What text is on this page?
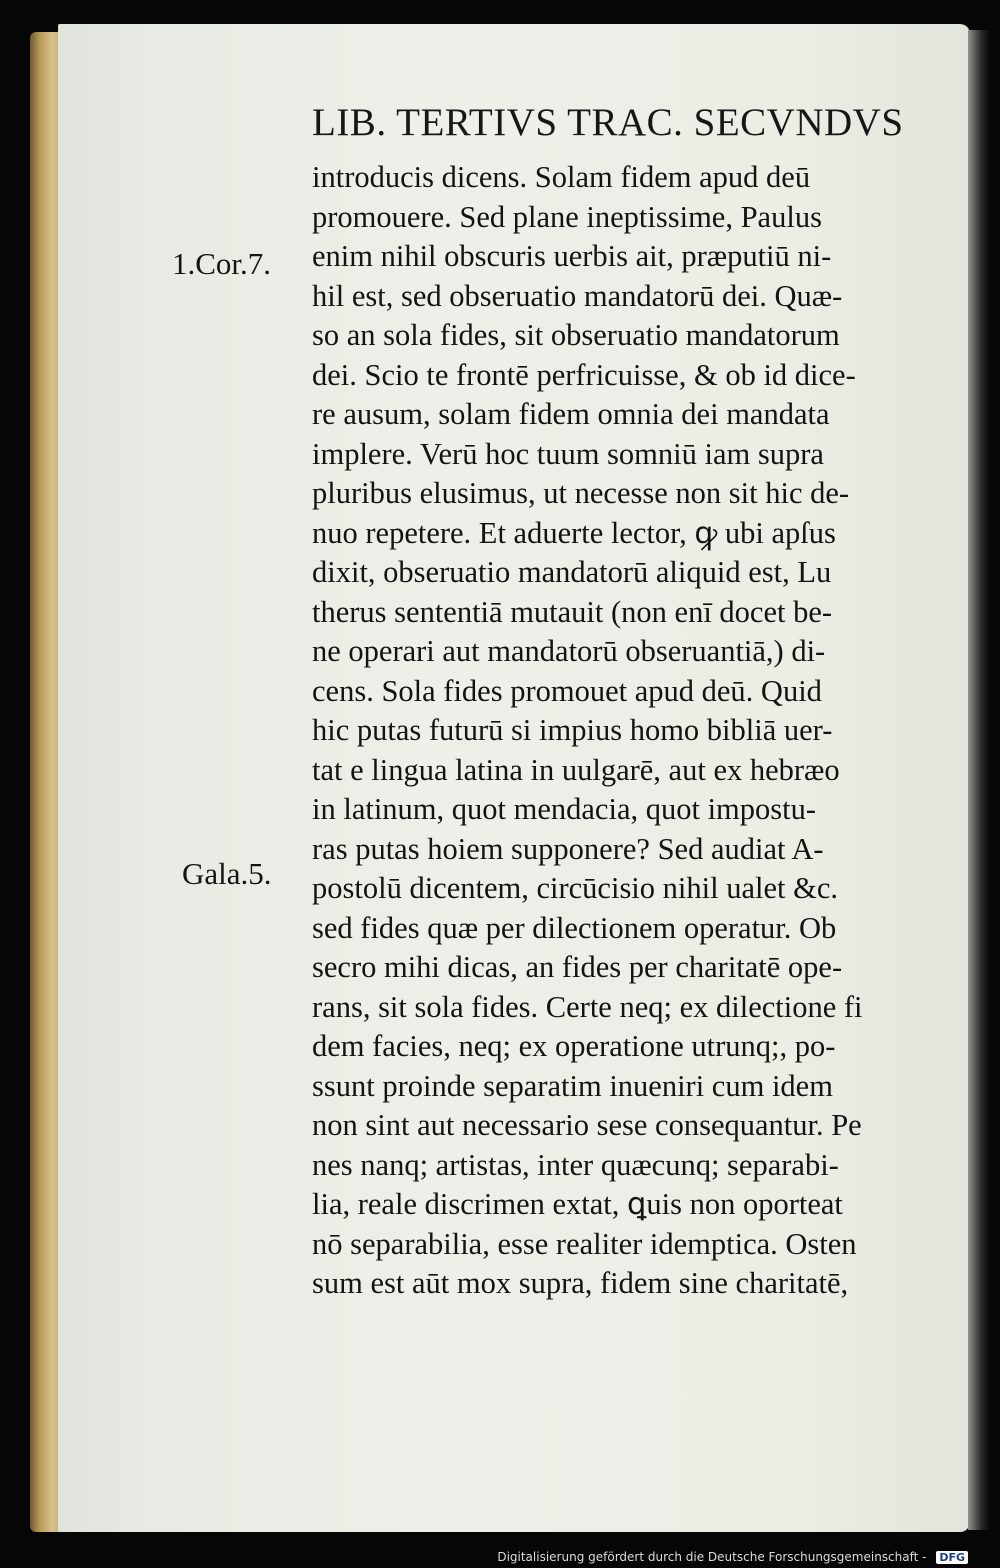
LIB. TERTIVS TRAC. SECVNDVS
1.Cor.7.
Gala.5.
introducis dicens. Solam fidem apud deū
promouere. Sed plane ineptissime, Paulus
enim nihil obscuris uerbis ait, præputiū ni-
hil est, sed obseruatio mandatorū dei. Quæ-
so an sola fides, sit obseruatio mandatorum
dei. Scio te frontē perfricuisse, & ob id dice-
re ausum, solam fidem omnia dei mandata
implere. Verū hoc tuum somniū iam supra
pluribus elusimus, ut necesse non sit hic de-
nuo repetere. Et aduerte lector, ꝙ ubi apſus
dixit, obseruatio mandatorū aliquid est, Lu
therus sententiā mutauit (non enī docet be-
ne operari aut mandatorū obseruantiā,) di-
cens. Sola fides promouet apud deū. Quid
hic putas futurū si impius homo bibliā uer-
tat e lingua latina in uulgarē, aut ex hebræo
in latinum, quot mendacia, quot impostu-
ras putas hoiem supponere? Sed audiat A-
postolū dicentem, circūcisio nihil ualet &c.
sed fides quæ per dilectionem operatur. Ob
secro mihi dicas, an fides per charitatē ope-
rans, sit sola fides. Certe neq; ex dilectione fi
dem facies, neq; ex operatione utrunq;, po-
ssunt proinde separatim inueniri cum idem
non sint aut necessario sese consequantur. Pe
nes nanq; artistas, inter quæcunq; separabi-
lia, reale discrimen extat, ꝗuis non oporteat
nō separabilia, esse realiter idemptica. Osten
sum est aūt mox supra, fidem sine charitatē,
Digitalisierung gefördert durch die Deutsche Forschungsgemeinschaft - DFG
